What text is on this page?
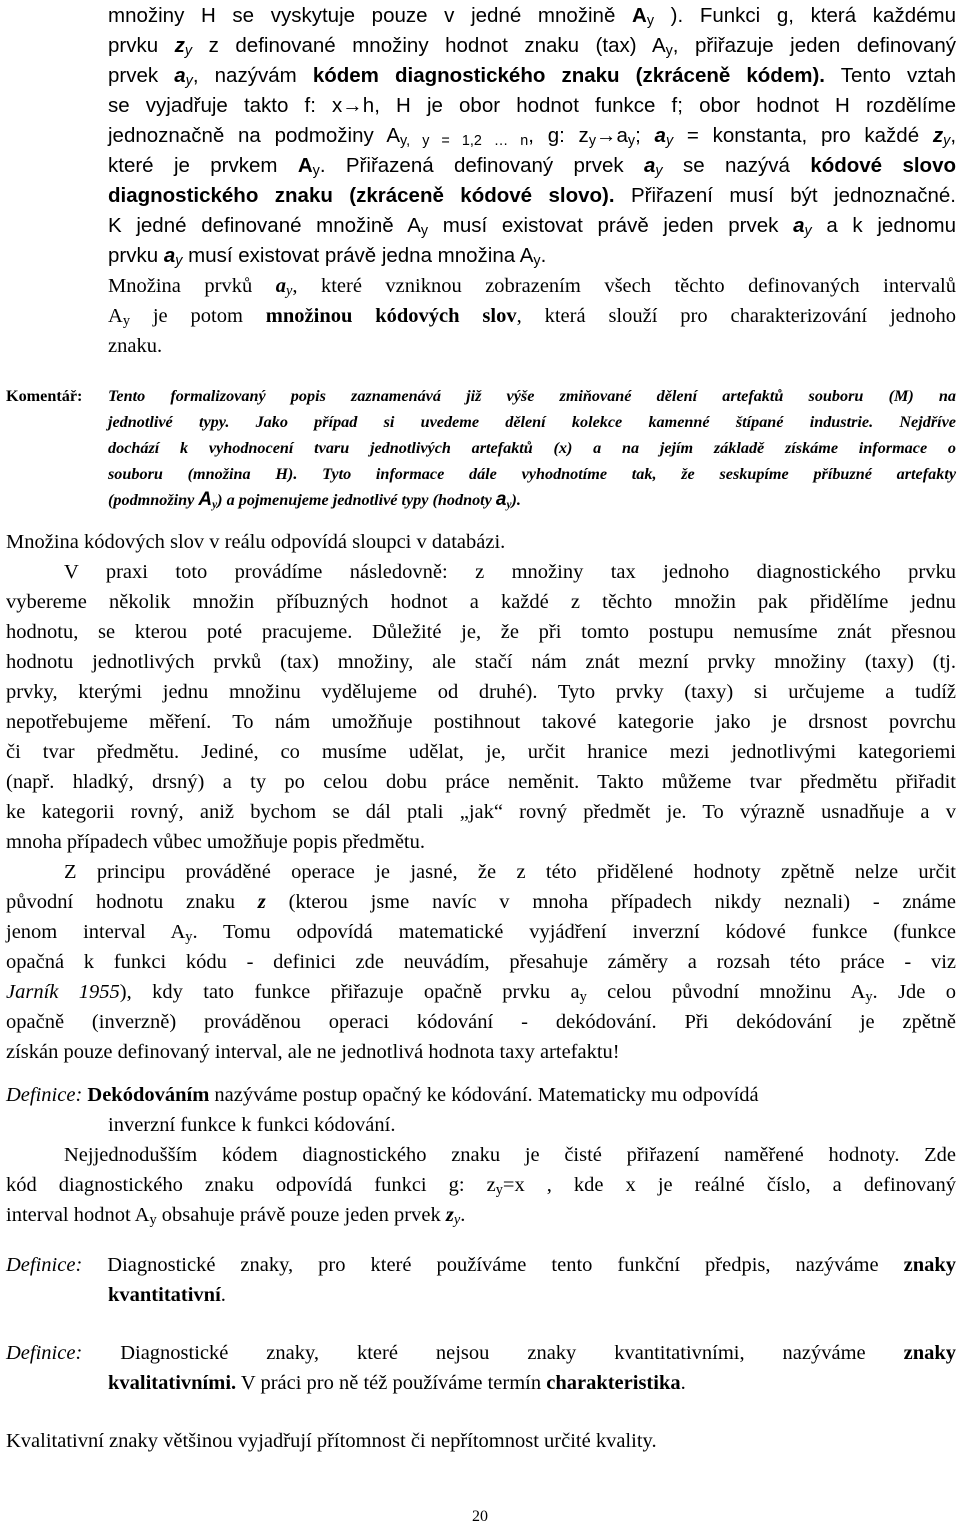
množiny H se vyskytuje pouze v jedné množině $A_y$ ). Funkci g, která každému
prvku $z_y$ z definované množiny hodnot znaku (tax) $A_y$, přiřazuje jeden definovaný
prvek $a_y$, nazývám kódem diagnostického znaku (zkráceně kódem). Tento vztah
se vyjadřuje takto f: x→h, H je obor hodnot funkce f; obor hodnot H rozdělíme
jednoznačně na podmožiny $A_{y, y = 1,2 \dots n}$, g: $z_y\to a_y$; $a_y$ = konstanta, pro každé $z_y$,
které je prvkem $A_y$. Přiřazená definovaný prvek $a_y$ se nazývá kódové slovo
diagnostického znaku (zkráceně kódové slovo). Přiřazení musí být jednoznačné.
K jedné definované množině $A_y$ musí existovat právě jeden prvek $a_y$ a k jednomu
prvku $a_y$ musí existovat právě jedna množina $A_y$.
Množina prvků $a_y$, které vzniknou zobrazením všech těchto definovaných intervalů
$A_y$ je potom množinou kódových slov, která slouží pro charakterizování jednoho
znaku.
Komentář: Tento formalizovaný popis zaznamenává již výše zmiňované dělení artefaktů souboru (M) na
jednotlivé typy. Jako případ si uvedeme dělení kolekce kamenné štípané industrie. Nejdříve
dochází k vyhodnocení tvaru jednotlivých artefaktů (x) a na jejím základě získáme informace o
souboru (množina H). Tyto informace dále vyhodnotíme tak, že seskupíme příbuzné artefakty
(podmnožiny $A_y$) a pojmenujeme jednotlivé typy (hodnoty $a_y$).
Množina kódových slov v reálu odpovídá sloupci v databázi.
V praxi toto provádíme následovně: z množiny tax jednoho diagnostického prvku
vybereme několik množin příbuzných hodnot a každé z těchto množin pak přidělíme jednu
hodnotu, se kterou poté pracujeme. Důležité je, že při tomto postupu nemusíme znát přesnou
hodnotu jednotlivých prvků (tax) množiny, ale stačí nám znát mezní prvky množiny (taxy) (tj.
prvky, kterými jednu množinu vydělujeme od druhé). Tyto prvky (taxy) si určujeme a tudíž
nepotřebujeme měření. To nám umožňuje postihnout takové kategorie jako je drsnost povrchu
či tvar předmětu. Jediné, co musíme udělat, je, určit hranice mezi jednotlivými kategoriemi
(např. hladký, drsný) a ty po celou dobu práce neměnit. Takto můžeme tvar předmětu přiřadit
ke kategorii rovný, aniž bychom se dál ptali „jak“ rovný předmět je. To výrazně usnadňuje a v
mnoha případech vůbec umožňuje popis předmětu.
Z principu prováděné operace je jasné, že z této přidělené hodnoty zpětně nelze určit
původní hodnotu znaku z (kterou jsme navíc v mnoha případech nikdy neznali) - známe
jenom interval $A_y$. Tomu odpovídá matematické vyjádření inverzní kódové funkce (funkce
opačná k funkci kódu - definici zde neuvádím, přesahuje záměry a rozsah této práce - viz
Jarník 1955), kdy tato funkce přiřazuje opačně prvku $a_y$ celou původní množinu $A_y$. Jde o
opačně (inverzně) prováděnou operaci kódování - dekódování. Při dekódování je zpětně
získán pouze definovaný interval, ale ne jednotlivá hodnota taxy artefaktu!
Definice: Dekódováním nazýváme postup opačný ke kódování. Matematicky mu odpovídá
inverzní funkce k funkci kódování.
Nejjednodušším kódem diagnostického znaku je čisté přiřazení naměřené hodnoty. Zde
kód diagnostického znaku odpovídá funkci g: $z_y=x$ , kde x je reálné číslo, a definovaný
interval hodnot $A_y$ obsahuje právě pouze jeden prvek $z_y$.
Definice: Diagnostické znaky, pro které používáme tento funkční předpis, nazýváme znaky
kvantitativní.
Definice: Diagnostické znaky, které nejsou znaky kvantitativními, nazýváme znaky
kvalitativními. V práci pro ně též používáme termín charakteristika.
Kvalitativní znaky většinou vyjadřují přítomnost či nepřítomnost určité kvality.
20
